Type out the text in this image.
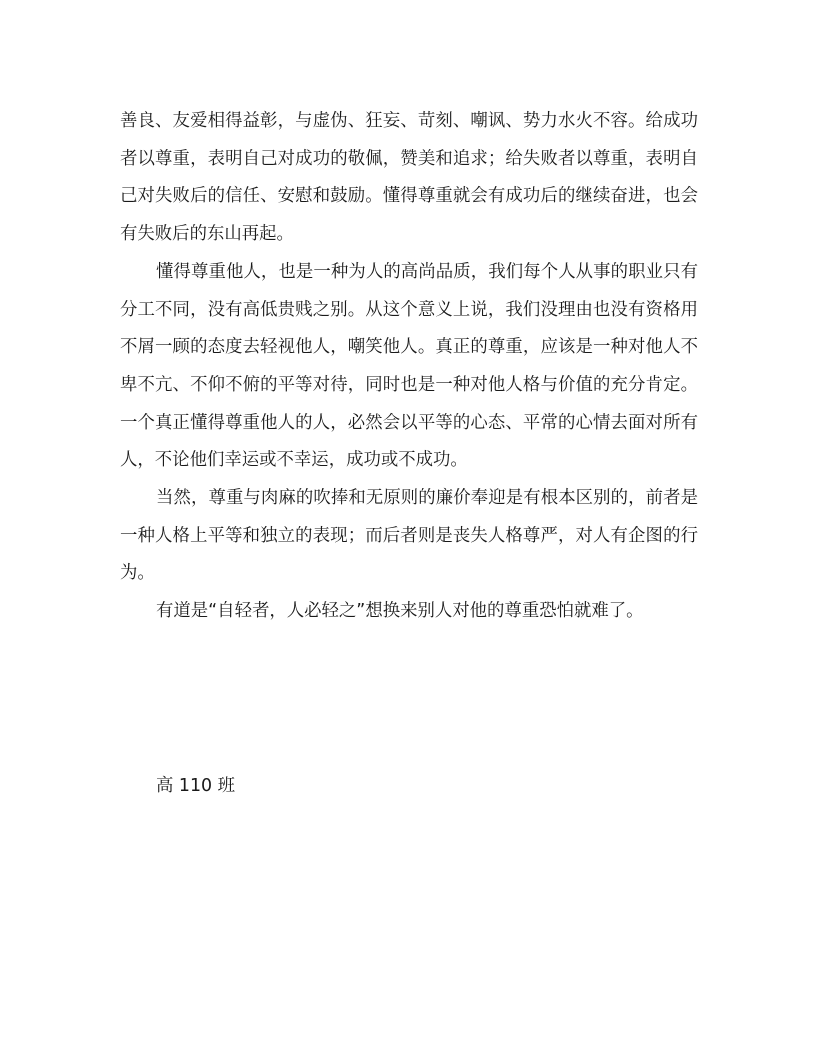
善良、友爱相得益彰，与虚伪、狂妄、苛刻、嘲讽、势力水火不容。给成功者以尊重，表明自己对成功的敬佩，赞美和追求；给失败者以尊重，表明自己对失败后的信任、安慰和鼓励。懂得尊重就会有成功后的继续奋进，也会有失败后的东山再起。

懂得尊重他人，也是一种为人的高尚品质，我们每个人从事的职业只有分工不同，没有高低贵贱之别。从这个意义上说，我们没理由也没有资格用不屑一顾的态度去轻视他人，嘲笑他人。真正的尊重，应该是一种对他人不卑不亢、不仰不俯的平等对待，同时也是一种对他人格与价值的充分肯定。一个真正懂得尊重他人的人，必然会以平等的心态、平常的心情去面对所有人，不论他们幸运或不幸运，成功或不成功。

当然，尊重与肉麻的吹捧和无原则的廉价奉迎是有根本区别的，前者是一种人格上平等和独立的表现；而后者则是丧失人格尊严，对人有企图的行为。

有道是“自轻者，人必轻之”想换来别人对他的尊重恐怕就难了。

高 110 班
